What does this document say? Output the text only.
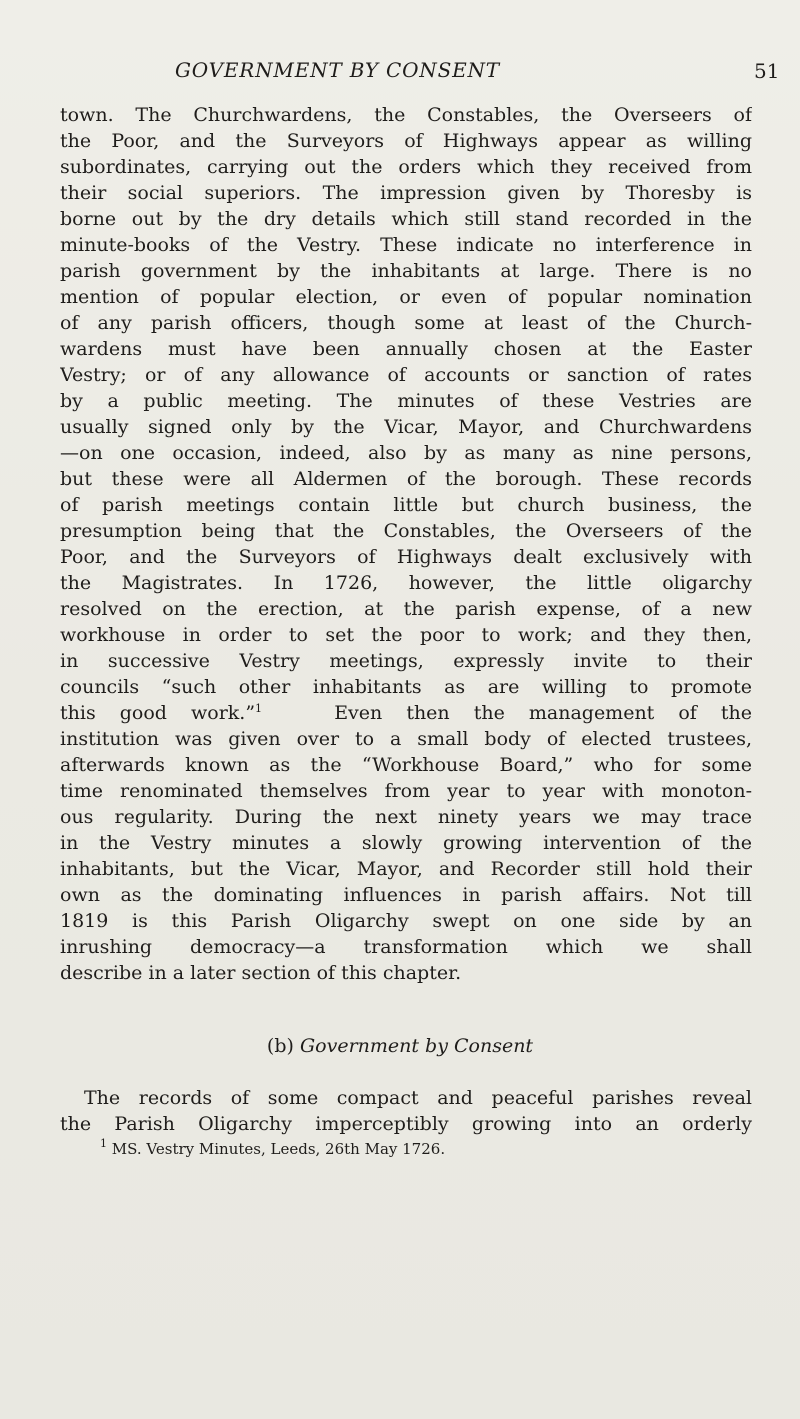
GOVERNMENT BY CONSENT	51
town. The Churchwardens, the Constables, the Overseers of
the Poor, and the Surveyors of Highways appear as willing
subordinates, carrying out the orders which they received from
their social superiors. The impression given by Thoresby is
borne out by the dry details which still stand recorded in the
minute-books of the Vestry. These indicate no interference in
parish government by the inhabitants at large. There is no
mention of popular election, or even of popular nomination
of any parish officers, though some at least of the Church-
wardens must have been annually chosen at the Easter
Vestry; or of any allowance of accounts or sanction of rates
by a public meeting. The minutes of these Vestries are
usually signed only by the Vicar, Mayor, and Churchwardens
—on one occasion, indeed, also by as many as nine persons,
but these were all Aldermen of the borough. These records
of parish meetings contain little but church business, the
presumption being that the Constables, the Overseers of the
Poor, and the Surveyors of Highways dealt exclusively with
the Magistrates. In 1726, however, the little oligarchy
resolved on the erection, at the parish expense, of a new
workhouse in order to set the poor to work; and they then,
in successive Vestry meetings, expressly invite to their
councils “such other inhabitants as are willing to promote
this good work.”$^1$	Even then the management of the
institution was given over to a small body of elected trustees,
afterwards known as the “Workhouse Board,” who for some
time renominated themselves from year to year with monoton-
ous regularity. During the next ninety years we may trace
in the Vestry minutes a slowly growing intervention of the
inhabitants, but the Vicar, Mayor, and Recorder still hold their
own as the dominating influences in parish affairs. Not till
1819 is this Parish Oligarchy swept on one side by an
inrushing democracy—a transformation which we shall
describe in a later section of this chapter.
(b) Government by Consent
The records of some compact and peaceful parishes reveal
the Parish Oligarchy imperceptibly growing into an orderly
$^1$ MS. Vestry Minutes, Leeds, 26th May 1726.
